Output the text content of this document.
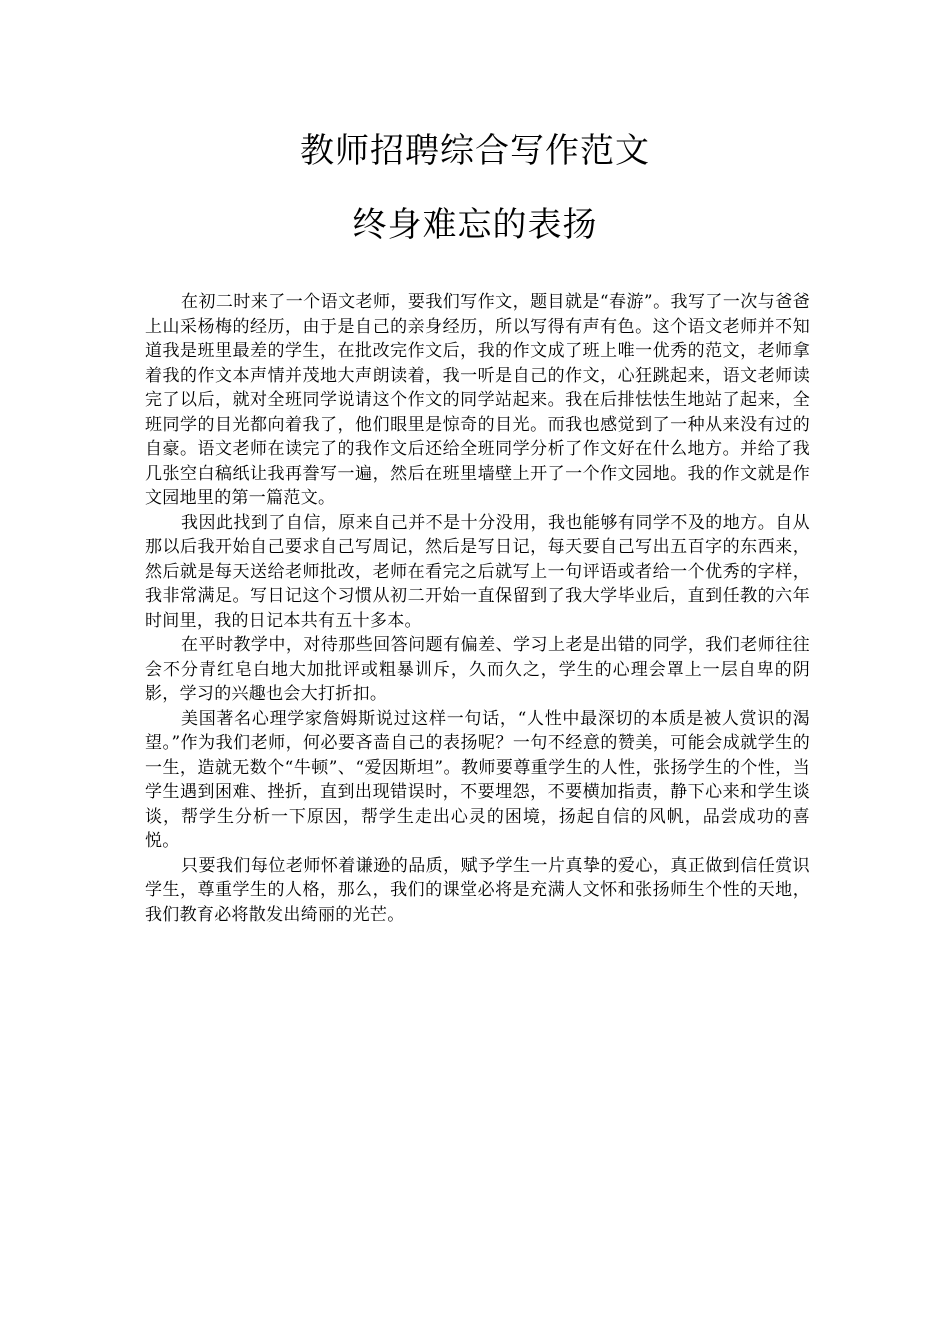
教师招聘综合写作范文
终身难忘的表扬

在初二时来了一个语文老师，要我们写作文，题目就是“春游”。我写了一次与爸爸上山采杨梅的经历，由于是自己的亲身经历，所以写得有声有色。这个语文老师并不知道我是班里最差的学生，在批改完作文后，我的作文成了班上唯一优秀的范文，老师拿着我的作文本声情并茂地大声朗读着，我一听是自己的作文，心狂跳起来，语文老师读完了以后，就对全班同学说请这个作文的同学站起来。我在后排怯怯生地站了起来，全班同学的目光都向着我了，他们眼里是惊奇的目光。而我也感觉到了一种从来没有过的自豪。语文老师在读完了的我作文后还给全班同学分析了作文好在什么地方。并给了我几张空白稿纸让我再誊写一遍，然后在班里墙壁上开了一个作文园地。我的作文就是作文园地里的第一篇范文。

我因此找到了自信，原来自己并不是十分没用，我也能够有同学不及的地方。自从那以后我开始自己要求自己写周记，然后是写日记，每天要自己写出五百字的东西来，然后就是每天送给老师批改，老师在看完之后就写上一句评语或者给一个优秀的字样，我非常满足。写日记这个习惯从初二开始一直保留到了我大学毕业后，直到任教的六年时间里，我的日记本共有五十多本。

在平时教学中，对待那些回答问题有偏差、学习上老是出错的同学，我们老师往往会不分青红皂白地大加批评或粗暴训斥，久而久之，学生的心理会罩上一层自卑的阴影，学习的兴趣也会大打折扣。

美国著名心理学家詹姆斯说过这样一句话，“人性中最深切的本质是被人赏识的渴望。”作为我们老师，何必要吝啬自己的表扬呢？一句不经意的赞美，可能会成就学生的一生，造就无数个“牛顿”、“爱因斯坦”。教师要尊重学生的人性，张扬学生的个性，当学生遇到困难、挫折，直到出现错误时，不要埋怨，不要横加指责，静下心来和学生谈谈，帮学生分析一下原因，帮学生走出心灵的困境，扬起自信的风帆，品尝成功的喜悦。

只要我们每位老师怀着谦逊的品质，赋予学生一片真挚的爱心，真正做到信任赏识学生，尊重学生的人格，那么，我们的课堂必将是充满人文怀和张扬师生个性的天地，我们教育必将散发出绮丽的光芒。
